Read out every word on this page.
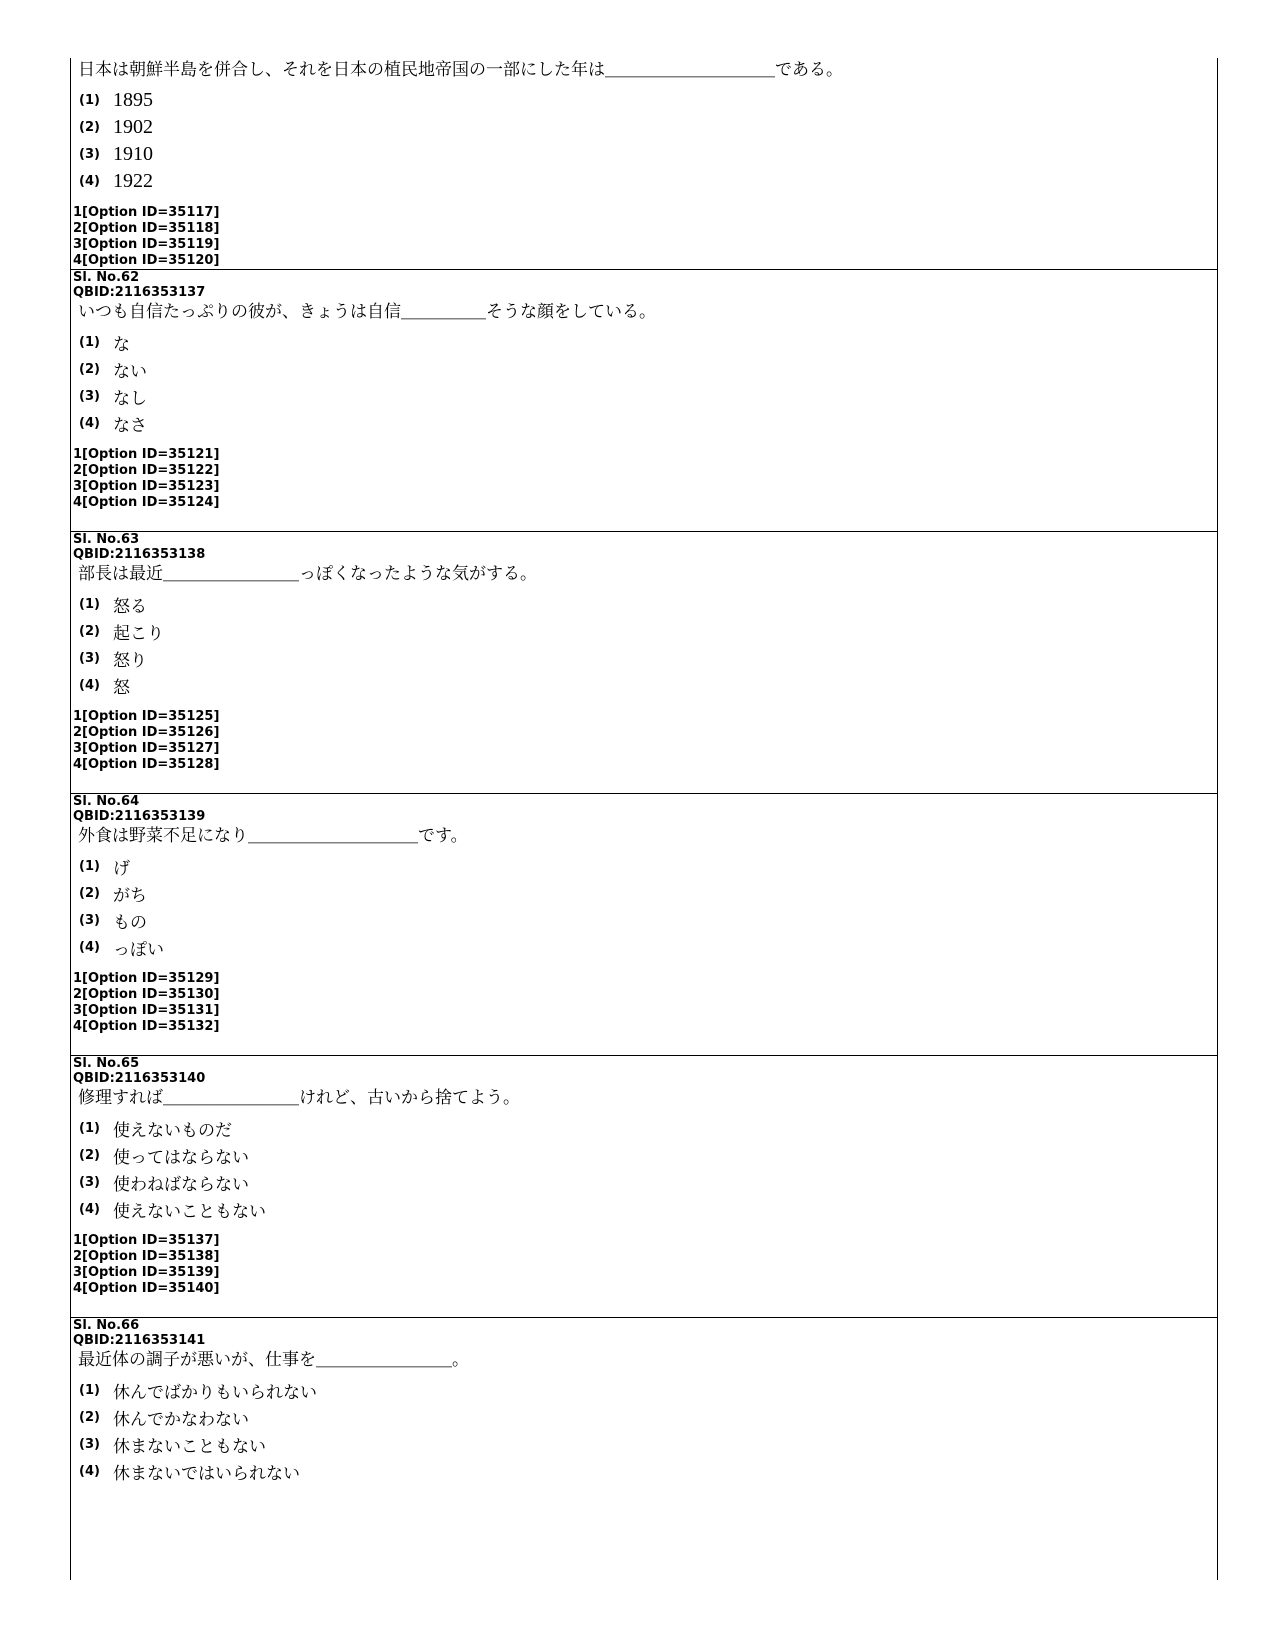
日本は朝鮮半島を併合し、それを日本の植民地帝国の一部にした年は＿＿＿＿＿＿＿＿＿＿である。
(1) 1895
(2) 1902
(3) 1910
(4) 1922
1[Option ID=35117]
2[Option ID=35118]
3[Option ID=35119]
4[Option ID=35120]
Sl. No.62
QBID:2116353137
いつも自信たっぷりの彼が、きょうは自信＿＿＿＿＿そうな顔をしている。
(1) な
(2) ない
(3) なし
(4) なさ
1[Option ID=35121]
2[Option ID=35122]
3[Option ID=35123]
4[Option ID=35124]
Sl. No.63
QBID:2116353138
部長は最近＿＿＿＿＿＿＿＿っぽくなったような気がする。
(1) 怒る
(2) 起こり
(3) 怒り
(4) 怒
1[Option ID=35125]
2[Option ID=35126]
3[Option ID=35127]
4[Option ID=35128]
Sl. No.64
QBID:2116353139
外食は野菜不足になり＿＿＿＿＿＿＿＿＿＿です。
(1) げ
(2) がち
(3) もの
(4) っぽい
1[Option ID=35129]
2[Option ID=35130]
3[Option ID=35131]
4[Option ID=35132]
Sl. No.65
QBID:2116353140
修理すれば＿＿＿＿＿＿＿＿けれど、古いから捨てよう。
(1) 使えないものだ
(2) 使ってはならない
(3) 使わねばならない
(4) 使えないこともない
1[Option ID=35137]
2[Option ID=35138]
3[Option ID=35139]
4[Option ID=35140]
Sl. No.66
QBID:2116353141
最近体の調子が悪いが、仕事を＿＿＿＿＿＿＿＿。
(1) 休んでばかりもいられない
(2) 休んでかなわない
(3) 休まないこともない
(4) 休まないではいられない
